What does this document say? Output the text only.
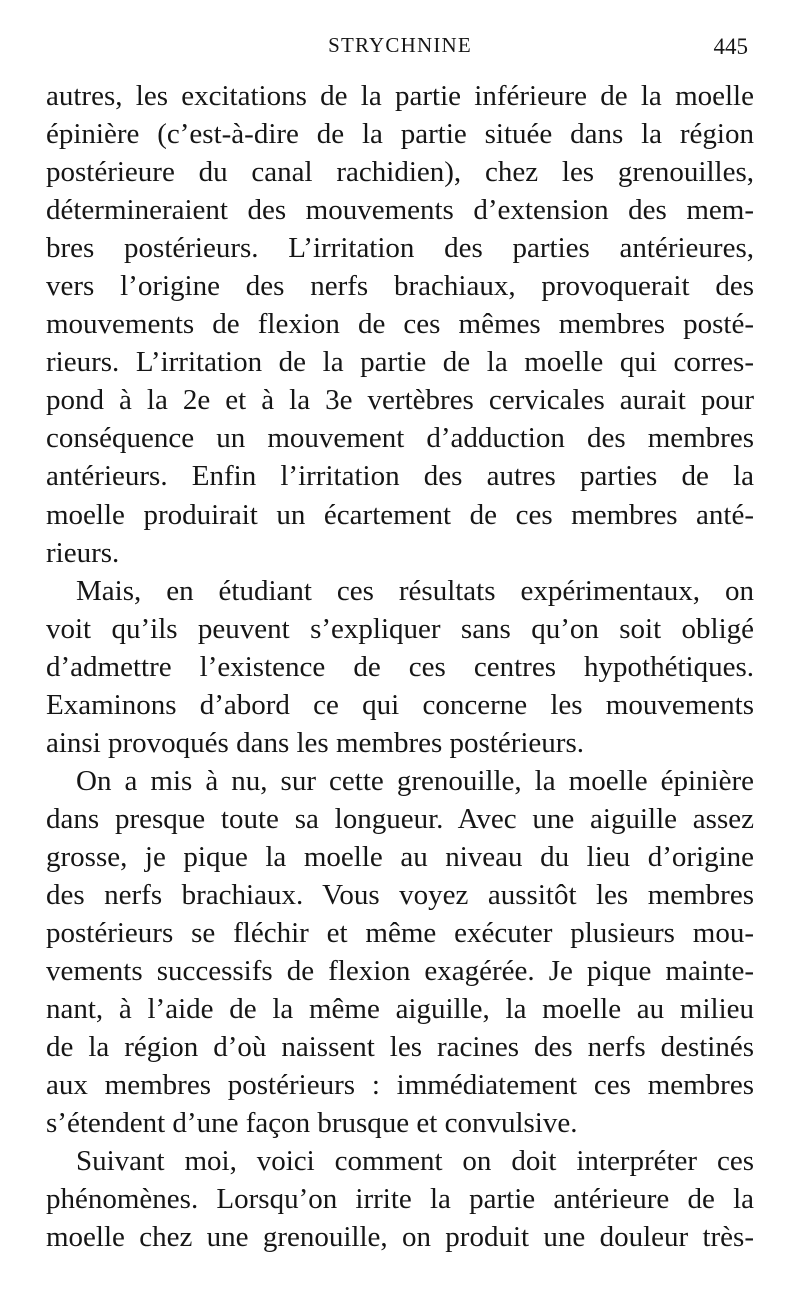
STRYCHNINE	445

autres, les excitations de la partie inférieure de la moelle
épinière (c’est-à-dire de la partie située dans la région
postérieure du canal rachidien), chez les grenouilles,
détermineraient des mouvements d’extension des mem-
bres postérieurs. L’irritation des parties antérieures,
vers l’origine des nerfs brachiaux, provoquerait des
mouvements de flexion de ces mêmes membres posté-
rieurs. L’irritation de la partie de la moelle qui corres-
pond à la 2e et à la 3e vertèbres cervicales aurait pour
conséquence un mouvement d’adduction des membres
antérieurs. Enfin l’irritation des autres parties de la
moelle produirait un écartement de ces membres anté-
rieurs.

Mais, en étudiant ces résultats expérimentaux, on
voit qu’ils peuvent s’expliquer sans qu’on soit obligé
d’admettre l’existence de ces centres hypothétiques.
Examinons d’abord ce qui concerne les mouvements
ainsi provoqués dans les membres postérieurs.

On a mis à nu, sur cette grenouille, la moelle épinière
dans presque toute sa longueur. Avec une aiguille assez
grosse, je pique la moelle au niveau du lieu d’origine
des nerfs brachiaux. Vous voyez aussitôt les membres
postérieurs se fléchir et même exécuter plusieurs mou-
vements successifs de flexion exagérée. Je pique mainte-
nant, à l’aide de la même aiguille, la moelle au milieu
de la région d’où naissent les racines des nerfs destinés
aux membres postérieurs : immédiatement ces membres
s’étendent d’une façon brusque et convulsive.

Suivant moi, voici comment on doit interpréter ces
phénomènes. Lorsqu’on irrite la partie antérieure de la
moelle chez une grenouille, on produit une douleur très-
